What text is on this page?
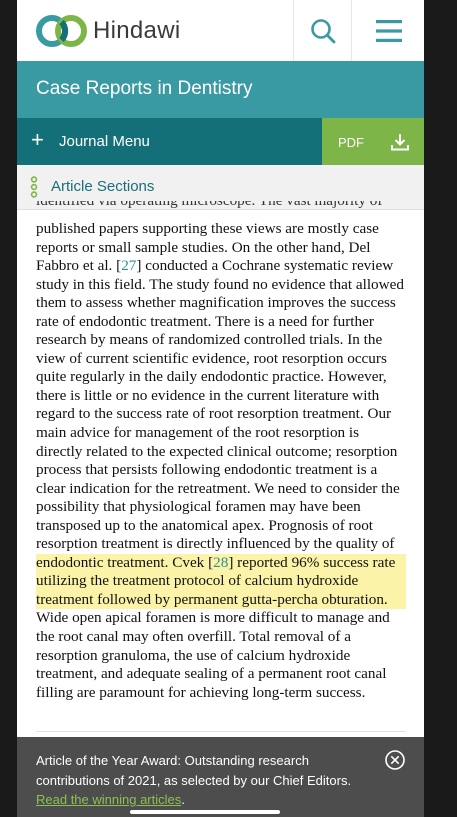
Hindawi
Case Reports in Dentistry
+ Journal Menu	PDF
Article Sections
published papers supporting these views are mostly case
reports or small sample studies. On the other hand, Del
Fabbro et al. [27] conducted a Cochrane systematic review
study in this field. The study found no evidence that allowed
them to assess whether magnification improves the success
rate of endodontic treatment. There is a need for further
research by means of randomized controlled trials. In the
view of current scientific evidence, root resorption occurs
quite regularly in the daily endodontic practice. However,
there is little or no evidence in the current literature with
regard to the success rate of root resorption treatment. Our
main advice for management of the root resorption is
directly related to the expected clinical outcome; resorption
process that persists following endodontic treatment is a
clear indication for the retreatment. We need to consider the
possibility that physiological foramen may have been
transposed up to the anatomical apex. Prognosis of root
resorption treatment is directly influenced by the quality of
endodontic treatment. Cvek [28] reported 96% success rate
utilizing the treatment protocol of calcium hydroxide
treatment followed by permanent gutta-percha obturation.
Wide open apical foramen is more difficult to manage and
the root canal may often overfill. Total removal of a
resorption granuloma, the use of calcium hydroxide
treatment, and adequate sealing of a permanent root canal
filling are paramount for achieving long-term success.
Article of the Year Award: Outstanding research contributions of 2021, as selected by our Chief Editors. Read the winning articles.
